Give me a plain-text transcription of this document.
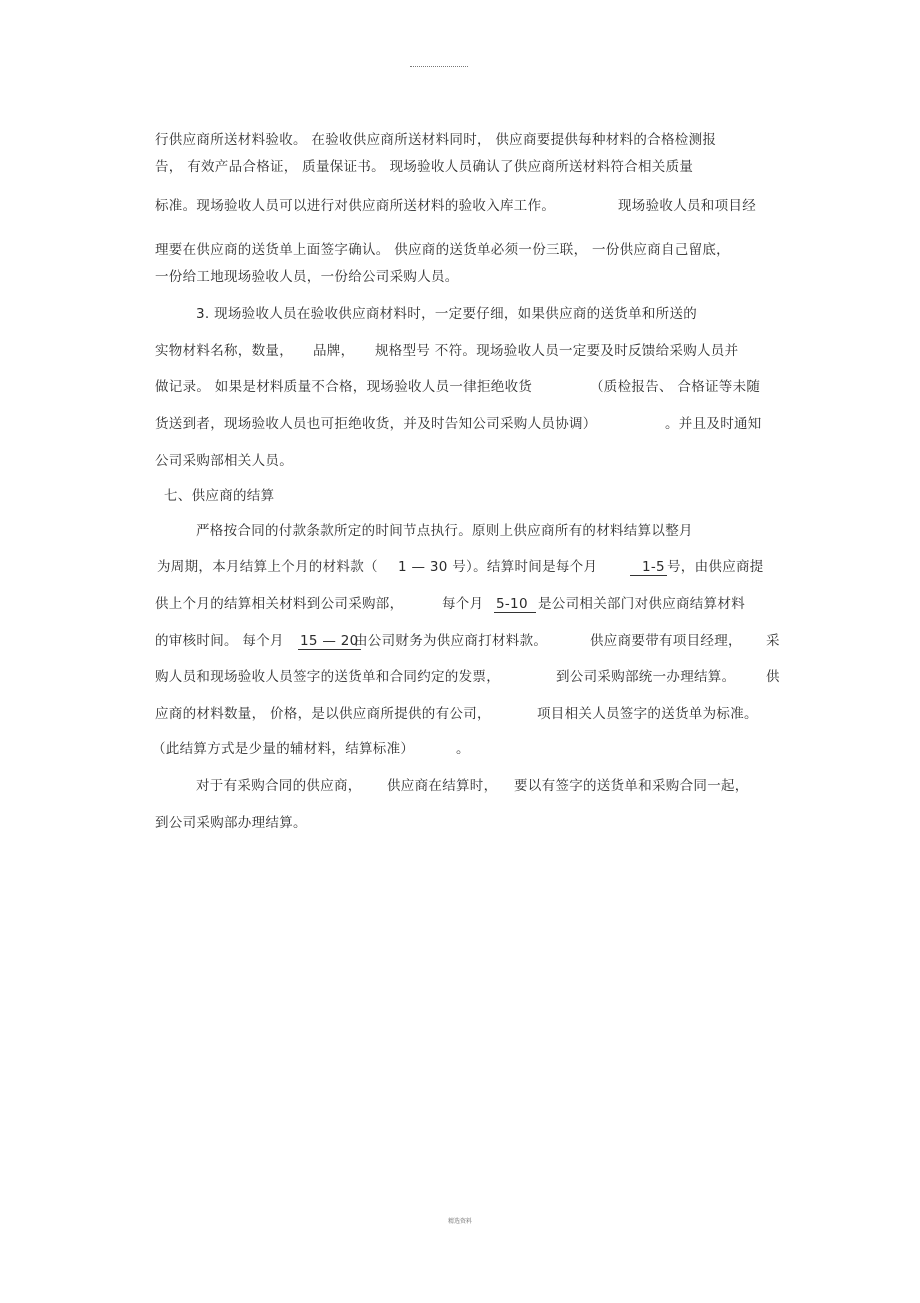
行供应商所送材料验收。 在验收供应商所送材料同时， 供应商要提供每种材料的合格检测报
告， 有效产品合格证， 质量保证书。 现场验收人员确认了供应商所送材料符合相关质量
标准。现场验收人员可以进行对供应商所送材料的验收入库工作。	现场验收人员和项目经
理要在供应商的送货单上面签字确认。 供应商的送货单必须一份三联， 一份供应商自己留底，
一份给工地现场验收人员，一份给公司采购人员。
3. 现场验收人员在验收供应商材料时，一定要仔细，如果供应商的送货单和所送的
实物材料名称，数量， 品牌， 规格型号 不符。现场验收人员一定要及时反馈给采购人员并
做记录。 如果是材料质量不合格，现场验收人员一律拒绝收货	（质检报告、 合格证等未随
货送到者，现场验收人员也可拒绝收货，并及时告知公司采购人员协调）	。并且及时通知
公司采购部相关人员。
七、供应商的结算
严格按合同的付款条款所定的时间节点执行。原则上供应商所有的材料结算以整月
为周期，本月结算上个月的材料款（ 1 — 30 号）。结算时间是每个月	1-5 号，由供应商提
供上个月的结算相关材料到公司采购部，	每个月 5-10 是公司相关部门对供应商结算材料
的审核时间。 每个月 15 — 20
由公司财务为供应商打材料款。	供应商要带有项目经理， 采
购人员和现场验收人员签字的送货单和合同约定的发票，	到公司采购部统一办理结算。 供
应商的材料数量， 价格，是以供应商所提供的有公司，	项目相关人员签字的送货单为标准。
（此结算方式是少量的辅材料，结算标准）	。
对于有采购合同的供应商， 供应商在结算时， 要以有签字的送货单和采购合同一起，
到公司采购部办理结算。
精选资料
